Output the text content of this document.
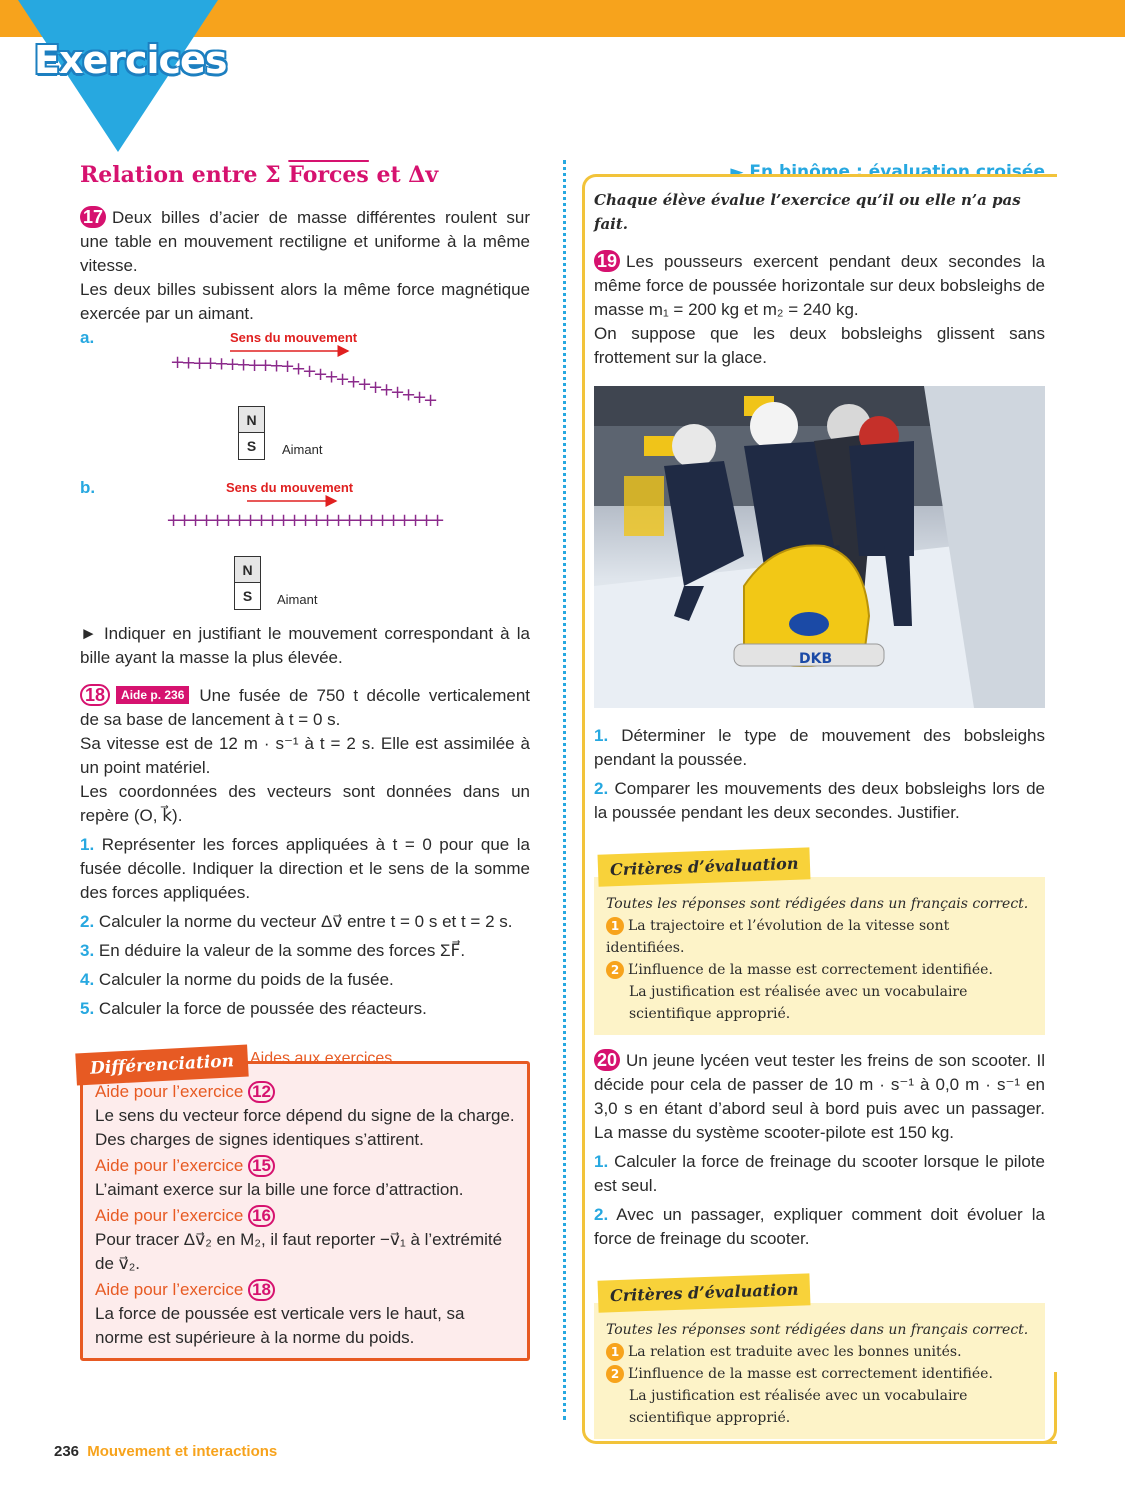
Exercices
Relation entre Σ Forces et Δv
17 Deux billes d’acier de masse différentes roulent sur une table en mouvement rectiligne et uniforme à la même vitesse.
Les deux billes subissent alors la même force magnétique exercée par un aimant.
a.	Sens du mouvement
b.	Sens du mouvement
+
+
+
+
+
+
+
+
+
+
+
+
+
+
+
+
+
+
+
+
+
+
+
+
+
+
+
+
+
+
+
+
+
+
+
+
+
+
+
+
+
+
+
+
+
+
+
+
+
N
S	Aimant
N
S	Aimant
► Indiquer en justifiant le mouvement correspondant à la bille ayant la masse la plus élevée.
18 Aide p. 236 Une fusée de 750 t décolle verticalement de sa base de lancement à t = 0 s.
Sa vitesse est de 12 m · s⁻¹ à t = 2 s. Elle est assimilée à un point matériel.
Les coordonnées des vecteurs sont données dans un repère (O, k⃗).
1. Représenter les forces appliquées à t = 0 pour que la fusée décolle. Indiquer la direction et le sens de la somme des forces appliquées.
2. Calculer la norme du vecteur Δv⃗ entre t = 0 s et t = 2 s.
3. En déduire la valeur de la somme des forces ΣF⃗.
4. Calculer la norme du poids de la fusée.
5. Calculer la force de poussée des réacteurs.
Différenciation Aides aux exercices
Aide pour l’exercice 12
Le sens du vecteur force dépend du signe de la charge. Des charges de signes identiques s’attirent.
Aide pour l’exercice 15
L’aimant exerce sur la bille une force d’attraction.
Aide pour l’exercice 16
Pour tracer Δv⃗₂ en M₂, il faut reporter −v⃗₁ à l’extrémité de v⃗₂.
Aide pour l’exercice 18
La force de poussée est verticale vers le haut, sa norme est supérieure à la norme du poids.
► En binôme : évaluation croisée
Chaque élève évalue l’exercice qu’il ou elle n’a pas fait.
19 Les pousseurs exercent pendant deux secondes la même force de poussée horizontale sur deux bobsleighs de masse m₁ = 200 kg et m₂ = 240 kg.
On suppose que les deux bobsleighs glissent sans frottement sur la glace.
DKB
1. Déterminer le type de mouvement des bobsleighs pendant la poussée.
2. Comparer les mouvements des deux bobsleighs lors de la poussée pendant les deux secondes. Justifier.
Critères d’évaluation
Toutes les réponses sont rédigées dans un français correct.
1 La trajectoire et l’évolution de la vitesse sont identifiées.
2 L’influence de la masse est correctement identifiée.
La justification est réalisée avec un vocabulaire scientifique approprié.
20 Un jeune lycéen veut tester les freins de son scooter. Il décide pour cela de passer de 10 m · s⁻¹ à 0,0 m · s⁻¹ en 3,0 s en étant d’abord seul à bord puis avec un passager. La masse du système scooter-pilote est 150 kg.
1. Calculer la force de freinage du scooter lorsque le pilote est seul.
2. Avec un passager, expliquer comment doit évoluer la force de freinage du scooter.
Critères d’évaluation
Toutes les réponses sont rédigées dans un français correct.
1 La relation est traduite avec les bonnes unités.
2 L’influence de la masse est correctement identifiée.
La justification est réalisée avec un vocabulaire scientifique approprié.
236 Mouvement et interactions
